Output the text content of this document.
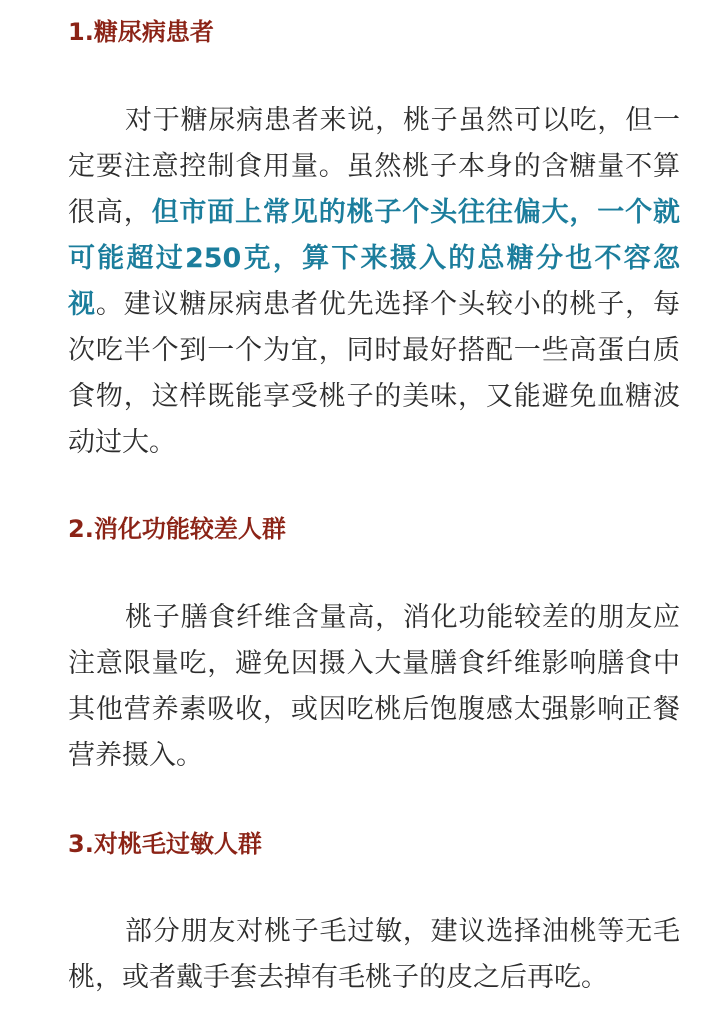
1.糖尿病患者

对于糖尿病患者来说，桃子虽然可以吃，但一定要注意控制食用量。虽然桃子本身的含糖量不算很高，但市面上常见的桃子个头往往偏大，一个就可能超过250克，算下来摄入的总糖分也不容忽视。建议糖尿病患者优先选择个头较小的桃子，每次吃半个到一个为宜，同时最好搭配一些高蛋白质食物，这样既能享受桃子的美味，又能避免血糖波动过大。

2.消化功能较差人群

桃子膳食纤维含量高，消化功能较差的朋友应注意限量吃，避免因摄入大量膳食纤维影响膳食中其他营养素吸收，或因吃桃后饱腹感太强影响正餐营养摄入。

3.对桃毛过敏人群

部分朋友对桃子毛过敏，建议选择油桃等无毛桃，或者戴手套去掉有毛桃子的皮之后再吃。
